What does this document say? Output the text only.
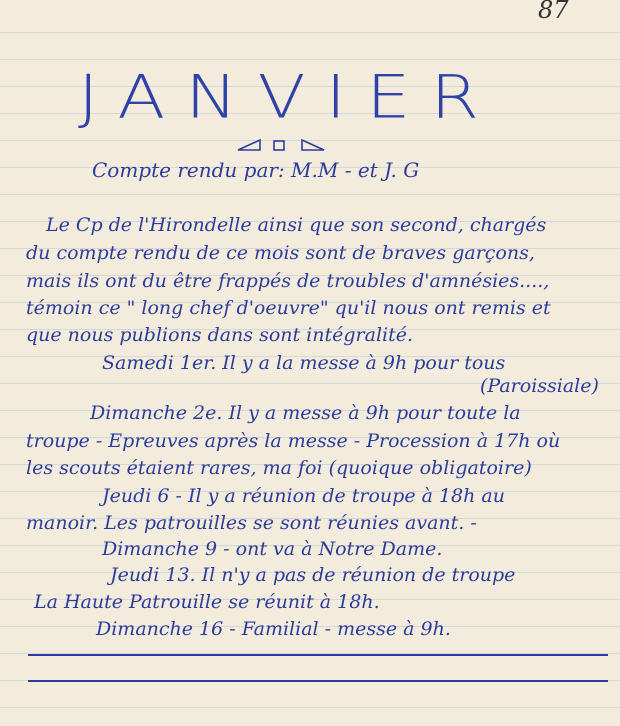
87
JANVIER
Compte rendu par: M.M - et J. G
Le Cp de l'Hirondelle ainsi que son second, chargés
du compte rendu de ce mois sont de braves garçons,
mais ils ont du être frappés de troubles d'amnésies....,
témoin ce " long chef d'oeuvre" qu'il nous ont remis et
que nous publions dans sont intégralité.
Samedi 1er. Il y a la messe à 9h pour tous
(Paroissiale)
Dimanche 2e. Il y a messe à 9h pour toute la
troupe - Epreuves après la messe - Procession à 17h où
les scouts étaient rares, ma foi (quoique obligatoire)
Jeudi 6 - Il y a réunion de troupe à 18h au
manoir. Les patrouilles se sont réunies avant. -
Dimanche 9 - ont va à Notre Dame.
Jeudi 13. Il n'y a pas de réunion de troupe
La Haute Patrouille se réunit à 18h.
Dimanche 16 - Familial - messe à 9h.
